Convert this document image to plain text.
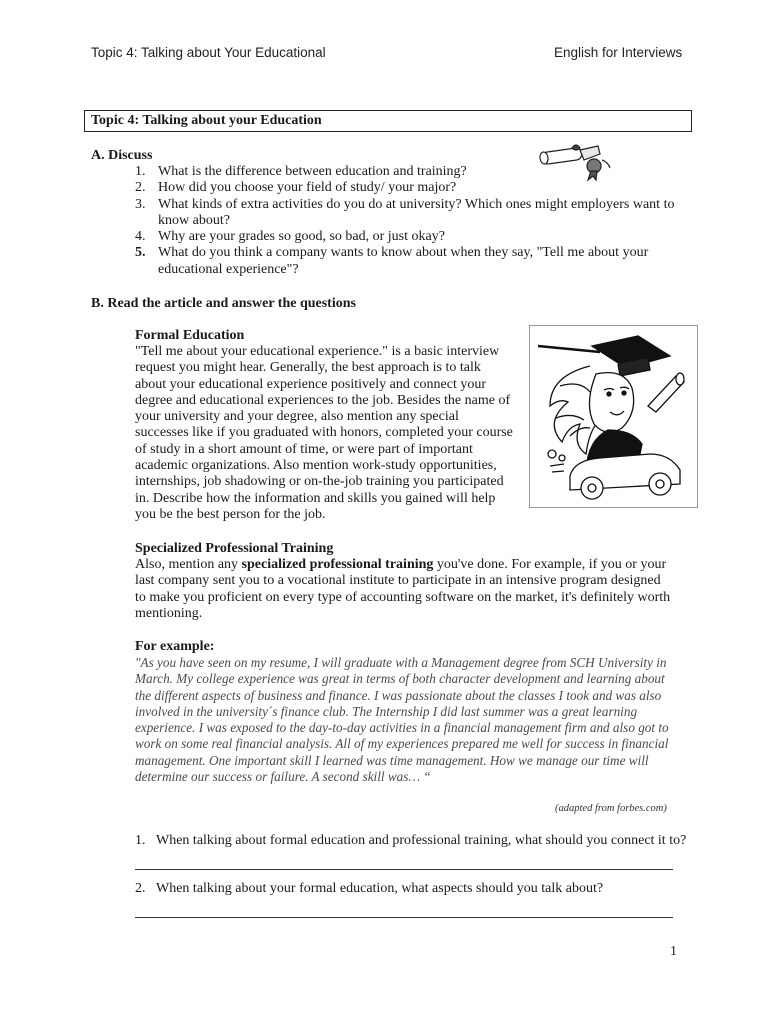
Topic 4: Talking about Your Educational	English for Interviews
Topic 4: Talking about your Education
A. Discuss
1. What is the difference between education and training?
2. How did you choose your field of study/ your major?
3. What kinds of extra activities do you do at university? Which ones might employers want to know about?
4. Why are your grades so good, so bad, or just okay?
5. What do you think a company wants to know about when they say, "Tell me about your educational experience"?
B. Read the article and answer the questions
Formal Education
"Tell me about your educational experience." is a basic interview request you might hear. Generally, the best approach is to talk about your educational experience positively and connect your degree and educational experiences to the job. Besides the name of your university and your degree, also mention any special successes like if you graduated with honors, completed your course of study in a short amount of time, or were part of important academic organizations. Also mention work-study opportunities, internships, job shadowing or on-the-job training you participated in. Describe how the information and skills you gained will help you be the best person for the job.
Specialized Professional Training
Also, mention any specialized professional training you've done. For example, if you or your last company sent you to a vocational institute to participate in an intensive program designed to make you proficient on every type of accounting software on the market, it's definitely worth mentioning.
For example:
"As you have seen on my resume, I will graduate with a Management degree from SCH University in March. My college experience was great in terms of both character development and learning about the different aspects of business and finance. I was passionate about the classes I took and was also involved in the university´s finance club. The Internship I did last summer was a great learning experience. I was exposed to the day-to-day activities in a financial management firm and also got to work on some real financial analysis. All of my experiences prepared me well for success in financial management. One important skill I learned was time management. How we manage our time will determine our success or failure. A second skill was… “
(adapted from forbes.com)
1. When talking about formal education and professional training, what should you connect it to?
2. When talking about your formal education, what aspects should you talk about?
1
